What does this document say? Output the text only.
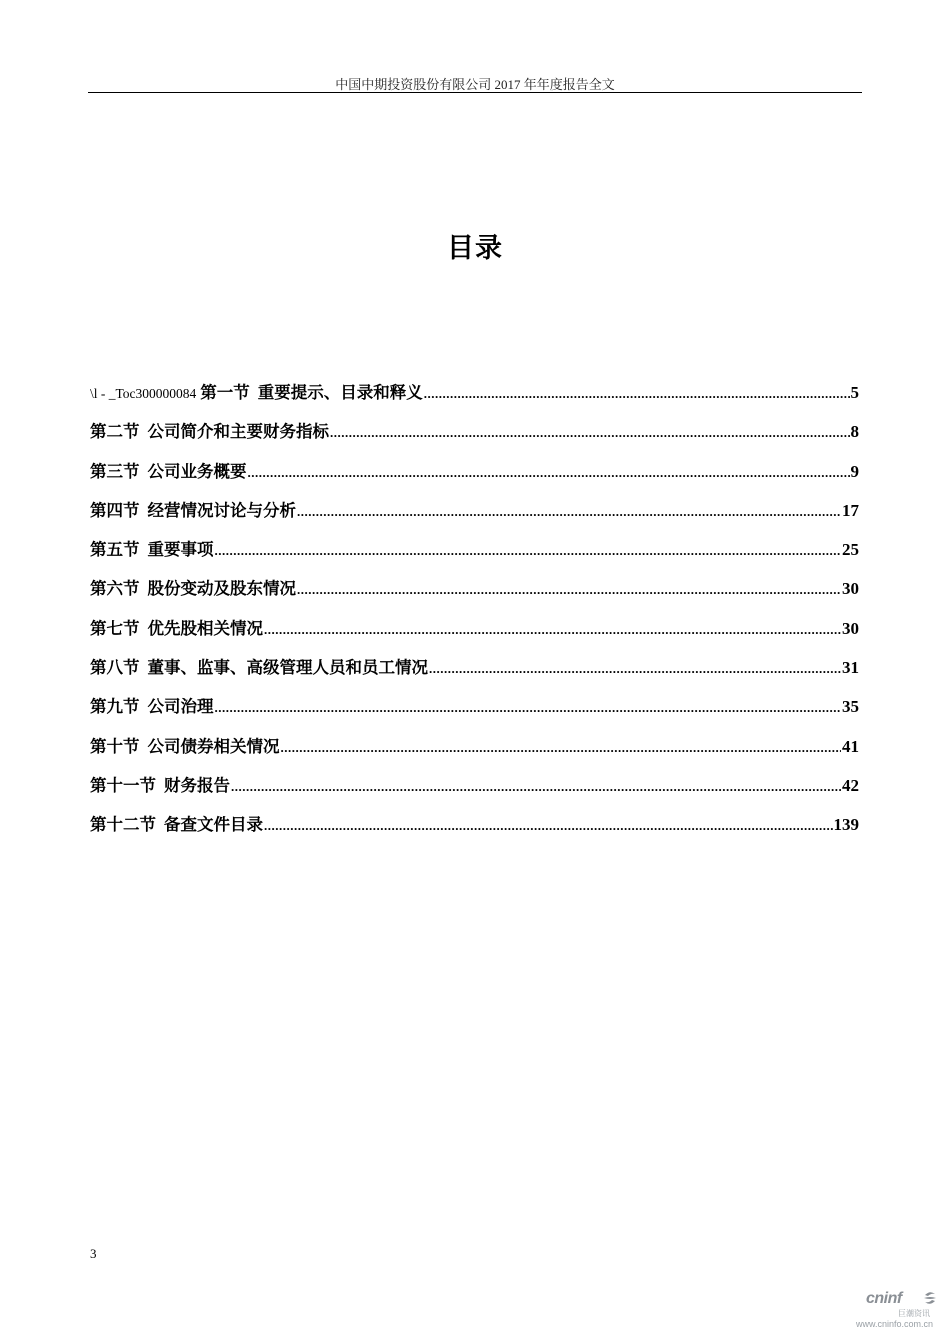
中国中期投资股份有限公司 2017 年年度报告全文
目录
\l - _Toc300000084 第一节 重要提示、目录和释义 .....	5
第二节 公司简介和主要财务指标 .....	8
第三节 公司业务概要 .....	9
第四节 经营情况讨论与分析 .....	17
第五节 重要事项 .....	25
第六节 股份变动及股东情况 .....	30
第七节 优先股相关情况 .....	30
第八节 董事、监事、高级管理人员和员工情况 .....	31
第九节 公司治理 .....	35
第十节 公司债券相关情况 .....	41
第十一节 财务报告 .....	42
第十二节 备查文件目录 .....	139
3
cninf
巨潮资讯
www.cninfo.com.cn
